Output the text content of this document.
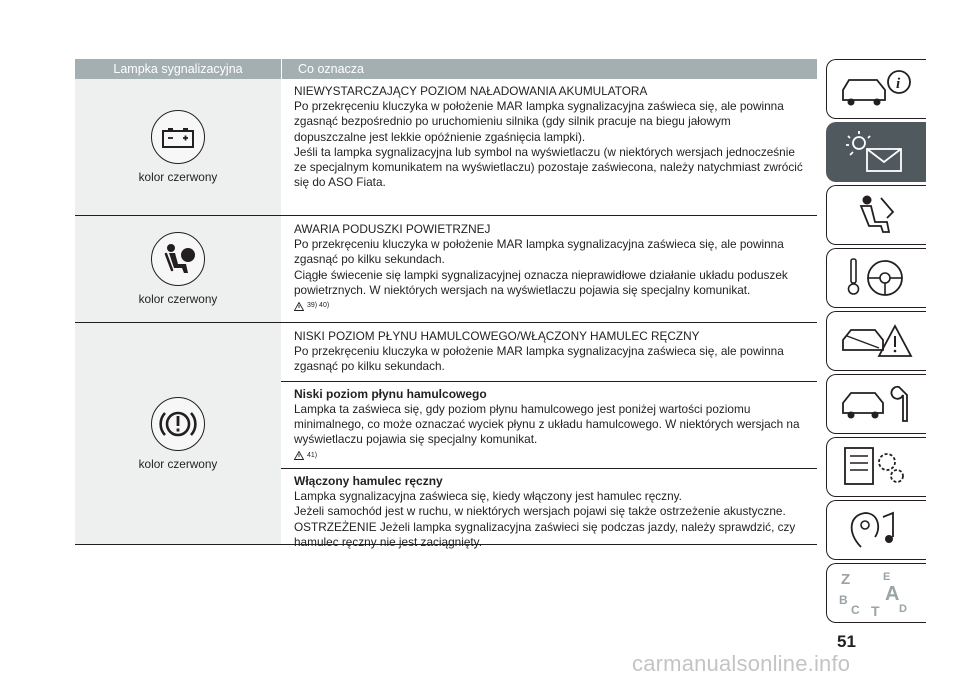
Lampka sygnalizacyjna	Co oznacza
kolor czerwony

NIEWYSTARCZAJĄCY POZIOM NAŁADOWANIA AKUMULATORA

Po przekręceniu kluczyka w położenie MAR lampka sygnalizacyjna zaświeca się, ale powinna zgasnąć bezpośrednio po uruchomieniu silnika (gdy silnik pracuje na biegu jałowym dopuszczalne jest lekkie opóźnienie zgaśnięcia lampki).

Jeśli ta lampka sygnalizacyjna lub symbol na wyświetlaczu (w niektórych wersjach jednocześnie ze specjalnym komunikatem na wyświetlaczu) pozostaje zaświecona, należy natychmiast zwrócić się do ASO Fiata.

kolor czerwony

AWARIA PODUSZKI POWIETRZNEJ

Po przekręceniu kluczyka w położenie MAR lampka sygnalizacyjna zaświeca się, ale powinna zgasnąć po kilku sekundach.

Ciągłe świecenie się lampki sygnalizacyjnej oznacza nieprawidłowe działanie układu poduszek powietrznych. W niektórych wersjach na wyświetlaczu pojawia się specjalny komunikat.

39) 40)
kolor czerwony

NISKI POZIOM PŁYNU HAMULCOWEGO/WŁĄCZONY HAMULEC RĘCZNY

Po przekręceniu kluczyka w położenie MAR lampka sygnalizacyjna zaświeca się, ale powinna zgasnąć po kilku sekundach.

Niski poziom płynu hamulcowego

Lampka ta zaświeca się, gdy poziom płynu hamulcowego jest poniżej wartości poziomu minimalnego, co może oznaczać wyciek płynu z układu hamulcowego. W niektórych wersjach na wyświetlaczu pojawia się specjalny komunikat.

41)
Włączony hamulec ręczny

Lampka sygnalizacyjna zaświeca się, kiedy włączony jest hamulec ręczny.

Jeżeli samochód jest w ruchu, w niektórych wersjach pojawi się także ostrzeżenie akustyczne.

OSTRZEŻENIE Jeżeli lampka sygnalizacyjna zaświeci się podczas jazdy, należy sprawdzić, czy hamulec ręczny nie jest zaciągnięty.

i
Z	E
A
B
C T D
51
carmanualsonline.info
